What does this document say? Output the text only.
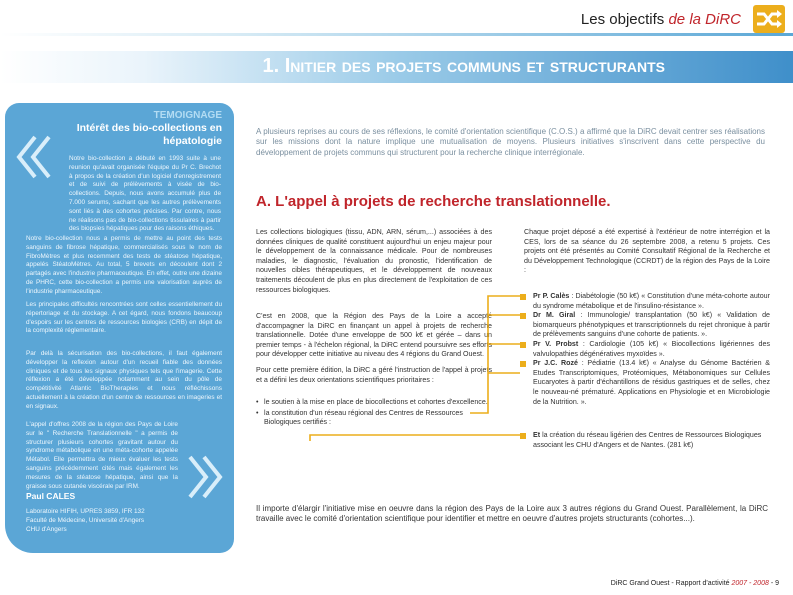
Les objectifs de la DiRC
1. Initier des projets communs et structurants
TEMOIGNAGE
Intérêt des bio-collections en hépatologie
Notre bio-collection a débuté en 1993 suite à une reunion qu'avait organisée l'équipe du Pr C. Brechot à propos de la création d'un logiciel d'enregistrement et de suivi de prélèvements à visée de bio-collections. Depuis, nous avons accumulé plus de 7.000 serums, sachant que les autres prélèvements sont liés à des cohortes précises. Par contre, nous ne réalisons pas de bio-collections tissulaires à partir des biopsies hépatiques pour des raisons éthiques.
Notre bio-collection nous a permis de mettre au point des tests sanguins de fibrose hépatique, commercialisés sous le nom de FibroMètres et plus recemment des tests de stéatose hépatique, appelés StéatoMètres. Au total, 5 brevets en découlent dont 2 partagés avec l'industrie pharmaceutique. En effet, outre une dizaine de PHRC, cette bio-collection a permis une valorisation auprès de l'industrie pharmaceutique.
Les principales difficultés rencontrées sont celles essentiellement du répertoriage et du stockage. A cet égard, nous fondons beaucoup d'espoirs sur les centres de ressources biologies (CRB) en dépit de la complexité réglementaire.
Par delà la sécurisation des bio-collections, il faut également développer la reflexion autour d'un recueil fiable des données cliniques et de tous les signaux physiques tels que l'imagerie. Cette réflexion a été développée notamment au sein du pôle de compétitivité Atlantic BioTherapies et nous réfléchissons actuellement à la création d'un centre de ressources en imageries et en signaux.
L'appel d'offres 2008 de la région des Pays de Loire sur le " Recherche Translationnelle " a permis de structurer plusieurs cohortes gravitant autour du syndrome métabolique en une méta-cohorte appelée Métabol. Elle permettra de mieux évaluer les tests sanguins précédemment cités mais également les mesures de la stéatose hépatique, ainsi que la graisse sous cutanée viscérale par IRM.
Paul CALES
Laboratoire HIFIH, UPRES 3859, IFR 132
Faculté de Médecine, Université d'Angers
CHU d'Angers
A plusieurs reprises au cours de ses réflexions, le comité d'orientation scientifique (C.O.S.) a affirmé que la DiRC devait centrer ses réalisations sur les missions dont la nature implique une mutualisation de moyens. Plusieurs initiatives s'inscrivent dans cette perspective du développement de projets communs qui structurent pour la recherche clinique interrégionale.
A. L'appel à projets de recherche translationnelle.
Les collections biologiques (tissu, ADN, ARN, sérum,...) associées à des données cliniques de qualité constituent aujourd'hui un enjeu majeur pour le développement de la connaissance médicale. Pour de nombreuses maladies, le diagnostic, l'évaluation du pronostic, l'identification de nouvelles cibles thérapeutiques, et le développement de nouveaux traitements découlent de plus en plus directement de l'exploitation de ces ressources biologiques.
C'est en 2008, que la Région des Pays de la Loire a accepté d'accompagner la DiRC en finançant un appel à projets de recherche translationnelle. Dotée d'une enveloppe de 500 k€ et gérée – dans un premier temps - à l'échelon régional, la DiRC entend poursuivre ses efforts pour développer cette initiative au niveau des 4 régions du Grand Ouest.
Pour cette première édition, la DiRC a géré l'instruction de l'appel à projets et a défini les deux orientations scientifiques prioritaires :
• le soutien à la mise en place de biocollections et cohortes d'excellence.
• la constitution d'un réseau régional des Centres de Ressources Biologiques certifiés :
Chaque projet déposé a été expertisé à l'extérieur de notre interrégion et la CES, lors de sa séance du 26 septembre 2008, a retenu 5 projets. Ces projets ont été présentés au Comité Consultatif Régional de la Recherche et du Développement Technologique (CCRDT) de la région des Pays de la Loire :
Pr P. Calès : Diabétologie (50 k€) « Constitution d'une méta-cohorte autour du syndrome métabolique et de l'insulino-résistance ».
Dr M. Giral : Immunologie/ transplantation (50 k€) « Validation de biomarqueurs phénotypiques et transcriptionnels du rejet chronique à partir de prélèvements sanguins d'une cohorte de patients. ».
Pr V. Probst : Cardiologie (105 k€) « Biocollections ligériennes des valvulopathies dégénératives myxoïdes ».
Pr J.C. Rozé : Pédiatrie (13.4 k€) « Analyse du Génome Bactérien & Etudes Transcriptomiques, Protéomiques, Métabonomiques sur Cellules Eucaryotes à partir d'échantillons de résidus gastriques et de selles, chez le nouveau-né prématuré. Applications en Physiologie et en Microbiologie de la Nutrition. ».
Et la création du réseau ligérien des Centres de Ressources Biologiques associant les CHU d'Angers et de Nantes. (281 k€)
Il importe d'élargir l'initiative mise en oeuvre dans la région des Pays de la Loire aux 3 autres régions du Grand Ouest. Parallèlement, la DiRC travaille avec le comité d'orientation scientifique pour identifier et mettre en oeuvre d'autres projets structurants (cohortes...).
DiRC Grand Ouest - Rapport d'activité 2007 - 2008 - 9
